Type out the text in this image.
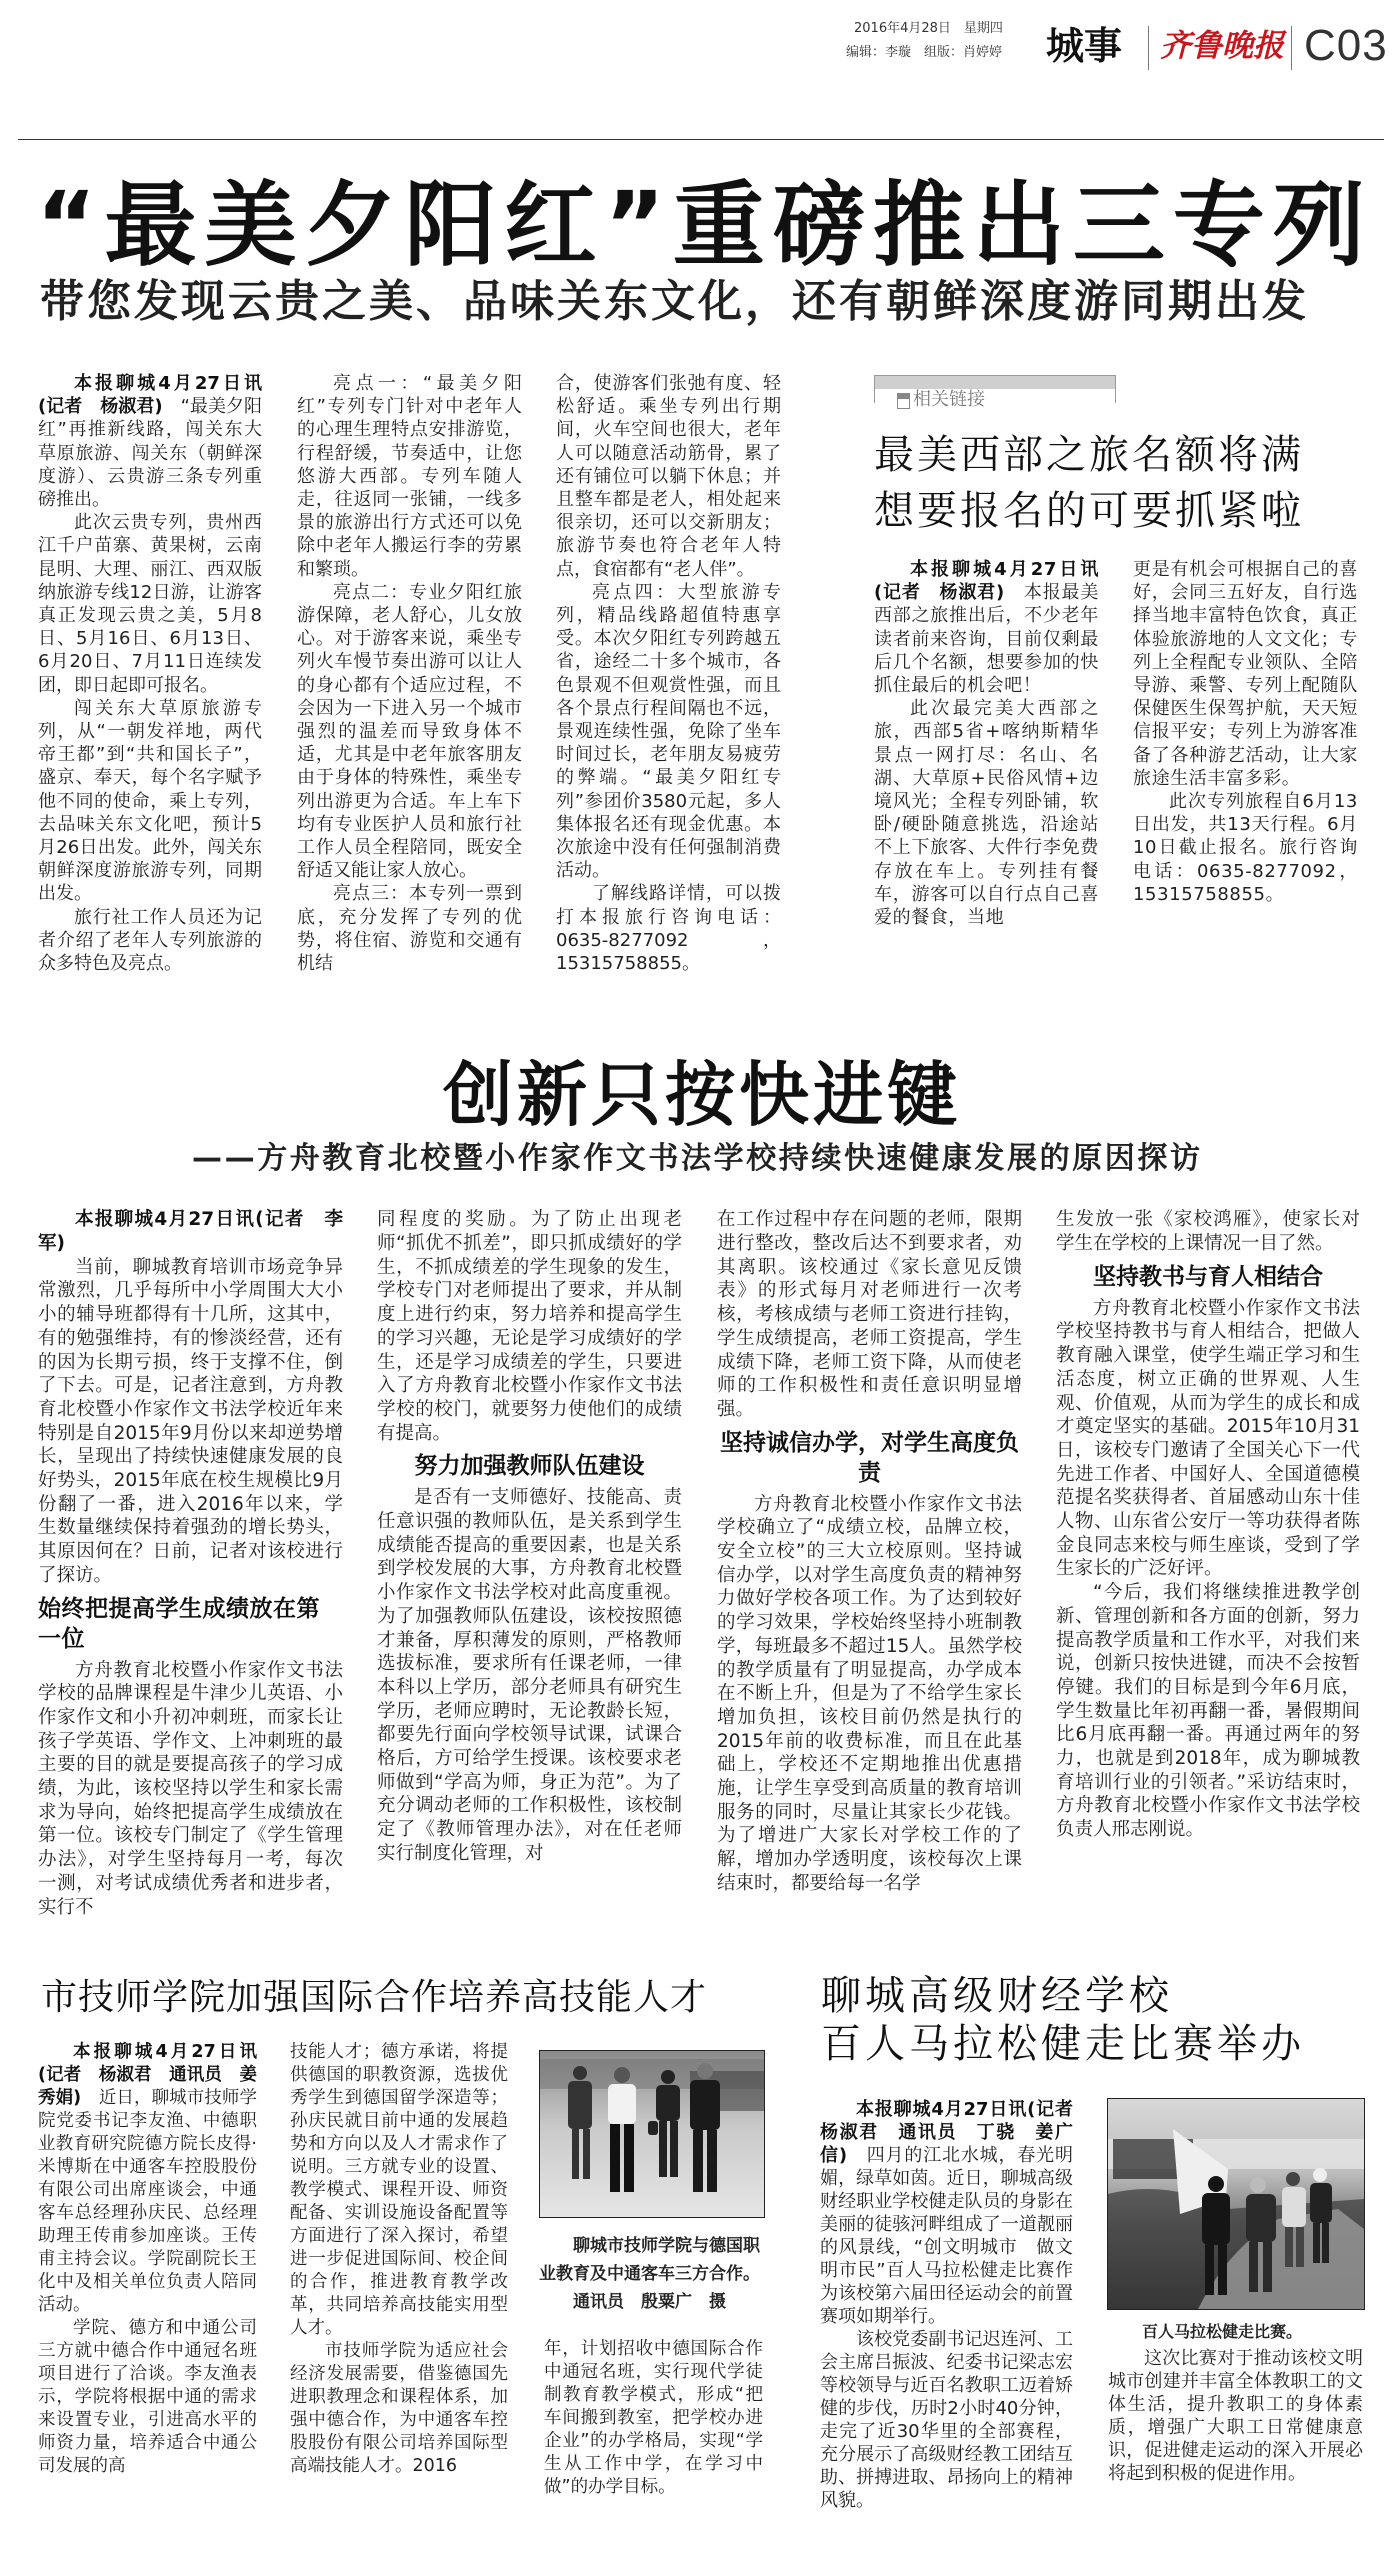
2016年4月28日　星期四
编辑：李璇　组版：肖婷婷 城事 齐鲁晚报 C03
“最美夕阳红”重磅推出三专列
带您发现云贵之美、品味关东文化，还有朝鲜深度游同期出发

本报聊城4月27日讯(记者　杨淑君)　 “最美夕阳红”再推新线路，闯关东大草原旅游、闯关东（朝鲜深度游）、云贵游三条专列重磅推出。

此次云贵专列，贵州西江千户苗寨、黄果树，云南昆明、大理、丽江、西双版纳旅游专线12日游，让游客真正发现云贵之美，5月8日、5月16日、6月13日、6月20日、7月11日连续发团，即日起即可报名。

闯关东大草原旅游专列，从“一朝发祥地，两代帝王都”到“共和国长子”，盛京、奉天，每个名字赋予他不同的使命，乘上专列，去品味关东文化吧，预计5月26日出发。此外，闯关东朝鲜深度游旅游专列，同期出发。

旅行社工作人员还为记者介绍了老年人专列旅游的众多特色及亮点。

亮点一：“最美夕阳红”专列专门针对中老年人的心理生理特点安排游览，行程舒缓，节奏适中，让您悠游大西部。专列车随人走，往返同一张铺，一线多景的旅游出行方式还可以免除中老年人搬运行李的劳累和繁琐。

亮点二：专业夕阳红旅游保障，老人舒心，儿女放心。对于游客来说，乘坐专列火车慢节奏出游可以让人的身心都有个适应过程，不会因为一下进入另一个城市强烈的温差而导致身体不适，尤其是中老年旅客朋友由于身体的特殊性，乘坐专列出游更为合适。车上车下均有专业医护人员和旅行社工作人员全程陪同，既安全舒适又能让家人放心。

亮点三：本专列一票到底，充分发挥了专列的优势，将住宿、游览和交通有机结

合，使游客们张弛有度、轻松舒适。乘坐专列出行期间，火车空间也很大，老年人可以随意活动筋骨，累了还有铺位可以躺下休息；并且整车都是老人，相处起来很亲切，还可以交新朋友；旅游节奏也符合老年人特点，食宿都有“老人伴”。

亮点四：大型旅游专列，精品线路超值特惠享受。本次夕阳红专列跨越五省，途经二十多个城市，各色景观不但观赏性强，而且各个景点行程间隔也不远，景观连续性强，免除了坐车时间过长，老年朋友易疲劳的弊端。“最美夕阳红专列”参团价3580元起，多人集体报名还有现金优惠。本次旅途中没有任何强制消费活动。

了解线路详情，可以拨打本报旅行咨询电话：0635-8277092，15315758855。

相关链接
最美西部之旅名额将满
想要报名的可要抓紧啦

本报聊城4月27日讯(记者　杨淑君)　 本报最美西部之旅推出后，不少老年读者前来咨询，目前仅剩最后几个名额，想要参加的快抓住最后的机会吧！

此次最完美大西部之旅，西部5省+喀纳斯精华景点一网打尽：名山、名湖、大草原+民俗风情+边境风光；全程专列卧铺，软卧/硬卧随意挑选，沿途站不上下旅客、大件行李免费存放在车上。专列挂有餐车，游客可以自行点自己喜爱的餐食，当地

更是有机会可根据自己的喜好，会同三五好友，自行选择当地丰富特色饮食，真正体验旅游地的人文文化；专列上全程配专业领队、全陪导游、乘警、专列上配随队保健医生保驾护航，天天短信报平安；专列上为游客准备了各种游艺活动，让大家旅途生活丰富多彩。

此次专列旅程自6月13日出发，共13天行程。6月10日截止报名。旅行咨询电话：0635-8277092，15315758855。

创新只按快进键
——方舟教育北校暨小作家作文书法学校持续快速健康发展的原因探访

本报聊城4月27日讯(记者　李军)

当前，聊城教育培训市场竞争异常激烈，几乎每所中小学周围大大小小的辅导班都得有十几所，这其中，有的勉强维持，有的惨淡经营，还有的因为长期亏损，终于支撑不住，倒了下去。可是，记者注意到，方舟教育北校暨小作家作文书法学校近年来特别是自2015年9月份以来却逆势增长，呈现出了持续快速健康发展的良好势头，2015年底在校生规模比9月份翻了一番，进入2016年以来，学生数量继续保持着强劲的增长势头，其原因何在？日前，记者对该校进行了探访。

始终把提高学生成绩放在第一位

方舟教育北校暨小作家作文书法学校的品牌课程是牛津少儿英语、小作家作文和小升初冲刺班，而家长让孩子学英语、学作文、上冲刺班的最主要的目的就是要提高孩子的学习成绩，为此，该校坚持以学生和家长需求为导向，始终把提高学生成绩放在第一位。该校专门制定了《学生管理办法》，对学生坚持每月一考，每次一测，对考试成绩优秀者和进步者，实行不

同程度的奖励。为了防止出现老师“抓优不抓差”，即只抓成绩好的学生，不抓成绩差的学生现象的发生，学校专门对老师提出了要求，并从制度上进行约束，努力培养和提高学生的学习兴趣，无论是学习成绩好的学生，还是学习成绩差的学生，只要进入了方舟教育北校暨小作家作文书法学校的校门，就要努力使他们的成绩有提高。

努力加强教师队伍建设

是否有一支师德好、技能高、责任意识强的教师队伍，是关系到学生成绩能否提高的重要因素，也是关系到学校发展的大事，方舟教育北校暨小作家作文书法学校对此高度重视。为了加强教师队伍建设，该校按照德才兼备，厚积薄发的原则，严格教师选拔标准，要求所有任课老师，一律本科以上学历，部分老师具有研究生学历，老师应聘时，无论教龄长短，都要先行面向学校领导试课，试课合格后，方可给学生授课。该校要求老师做到“学高为师，身正为范”。为了充分调动老师的工作积极性，该校制定了《教师管理办法》，对在任老师实行制度化管理，对

在工作过程中存在问题的老师，限期进行整改，整改后达不到要求者，劝其离职。该校通过《家长意见反馈表》的形式每月对老师进行一次考核，考核成绩与老师工资进行挂钩，学生成绩提高，老师工资提高，学生成绩下降，老师工资下降，从而使老师的工作积极性和责任意识明显增强。

坚持诚信办学，对学生高度负责

方舟教育北校暨小作家作文书法学校确立了“成绩立校，品牌立校，安全立校”的三大立校原则。坚持诚信办学，以对学生高度负责的精神努力做好学校各项工作。为了达到较好的学习效果，学校始终坚持小班制教学，每班最多不超过15人。虽然学校的教学质量有了明显提高，办学成本在不断上升，但是为了不给学生家长增加负担，该校目前仍然是执行的2015年前的收费标准，而且在此基础上，学校还不定期地推出优惠措施，让学生享受到高质量的教育培训服务的同时，尽量让其家长少花钱。为了增进广大家长对学校工作的了解，增加办学透明度，该校每次上课结束时，都要给每一名学

生发放一张《家校鸿雁》，使家长对学生在学校的上课情况一目了然。

坚持教书与育人相结合

方舟教育北校暨小作家作文书法学校坚持教书与育人相结合，把做人教育融入课堂，使学生端正学习和生活态度，树立正确的世界观、人生观、价值观，从而为学生的成长和成才奠定坚实的基础。2015年10月31日，该校专门邀请了全国关心下一代先进工作者、中国好人、全国道德模范提名奖获得者、首届感动山东十佳人物、山东省公安厅一等功获得者陈金良同志来校与师生座谈，受到了学生家长的广泛好评。

“今后，我们将继续推进教学创新、管理创新和各方面的创新，努力提高教学质量和工作水平，对我们来说，创新只按快进键，而决不会按暂停键。我们的目标是到今年6月底，学生数量比年初再翻一番，暑假期间比6月底再翻一番。再通过两年的努力，也就是到2018年，成为聊城教育培训行业的引领者。”采访结束时，方舟教育北校暨小作家作文书法学校负责人邢志刚说。

市技师学院加强国际合作培养高技能人才

本报聊城4月27日讯(记者　杨淑君　通讯员　姜秀娟)　 近日，聊城市技师学院党委书记李友渔、中德职业教育研究院德方院长皮得·米博斯在中通客车控股股份有限公司出席座谈会，中通客车总经理孙庆民、总经理助理王传甫参加座谈。王传甫主持会议。学院副院长王化中及相关单位负责人陪同活动。

学院、德方和中通公司三方就中德合作中通冠名班项目进行了洽谈。李友渔表示，学院将根据中通的需求来设置专业，引进高水平的师资力量，培养适合中通公司发展的高

技能人才；德方承诺，将提供德国的职教资源，选拔优秀学生到德国留学深造等；孙庆民就目前中通的发展趋势和方向以及人才需求作了说明。三方就专业的设置、教学模式、课程开设、师资配备、实训设施设备配置等方面进行了深入探讨，希望进一步促进国际间、校企间的合作，推进教育教学改革，共同培养高技能实用型人才。

市技师学院为适应社会经济发展需要，借鉴德国先进职教理念和课程体系，加强中德合作，为中通客车控股股份有限公司培养国际型高端技能人才。2016

聊城市技师学院与德国职业教育及中通客车三方合作。
通讯员　殷粟广　摄

年，计划招收中德国际合作中通冠名班，实行现代学徒制教育教学模式，形成“把车间搬到教室，把学校办进企业”的办学格局，实现“学生从工作中学，在学习中做”的办学目标。

聊城高级财经学校
百人马拉松健走比赛举办

本报聊城4月27日讯(记者　杨淑君　通讯员　丁骁　姜广信)　 四月的江北水城，春光明媚，绿草如茵。近日，聊城高级财经职业学校健走队员的身影在美丽的徒骇河畔组成了一道靓丽的风景线，“创文明城市　做文明市民”百人马拉松健走比赛作为该校第六届田径运动会的前置赛项如期举行。

该校党委副书记迟连河、工会主席吕振波、纪委书记梁志宏等校领导与近百名教职工迈着矫健的步伐，历时2小时40分钟，走完了近30华里的全部赛程，充分展示了高级财经教工团结互助、拼搏进取、昂扬向上的精神风貌。

百人马拉松健走比赛。

这次比赛对于推动该校文明城市创建并丰富全体教职工的文体生活，提升教职工的身体素质，增强广大职工日常健康意识，促进健走运动的深入开展必将起到积极的促进作用。
